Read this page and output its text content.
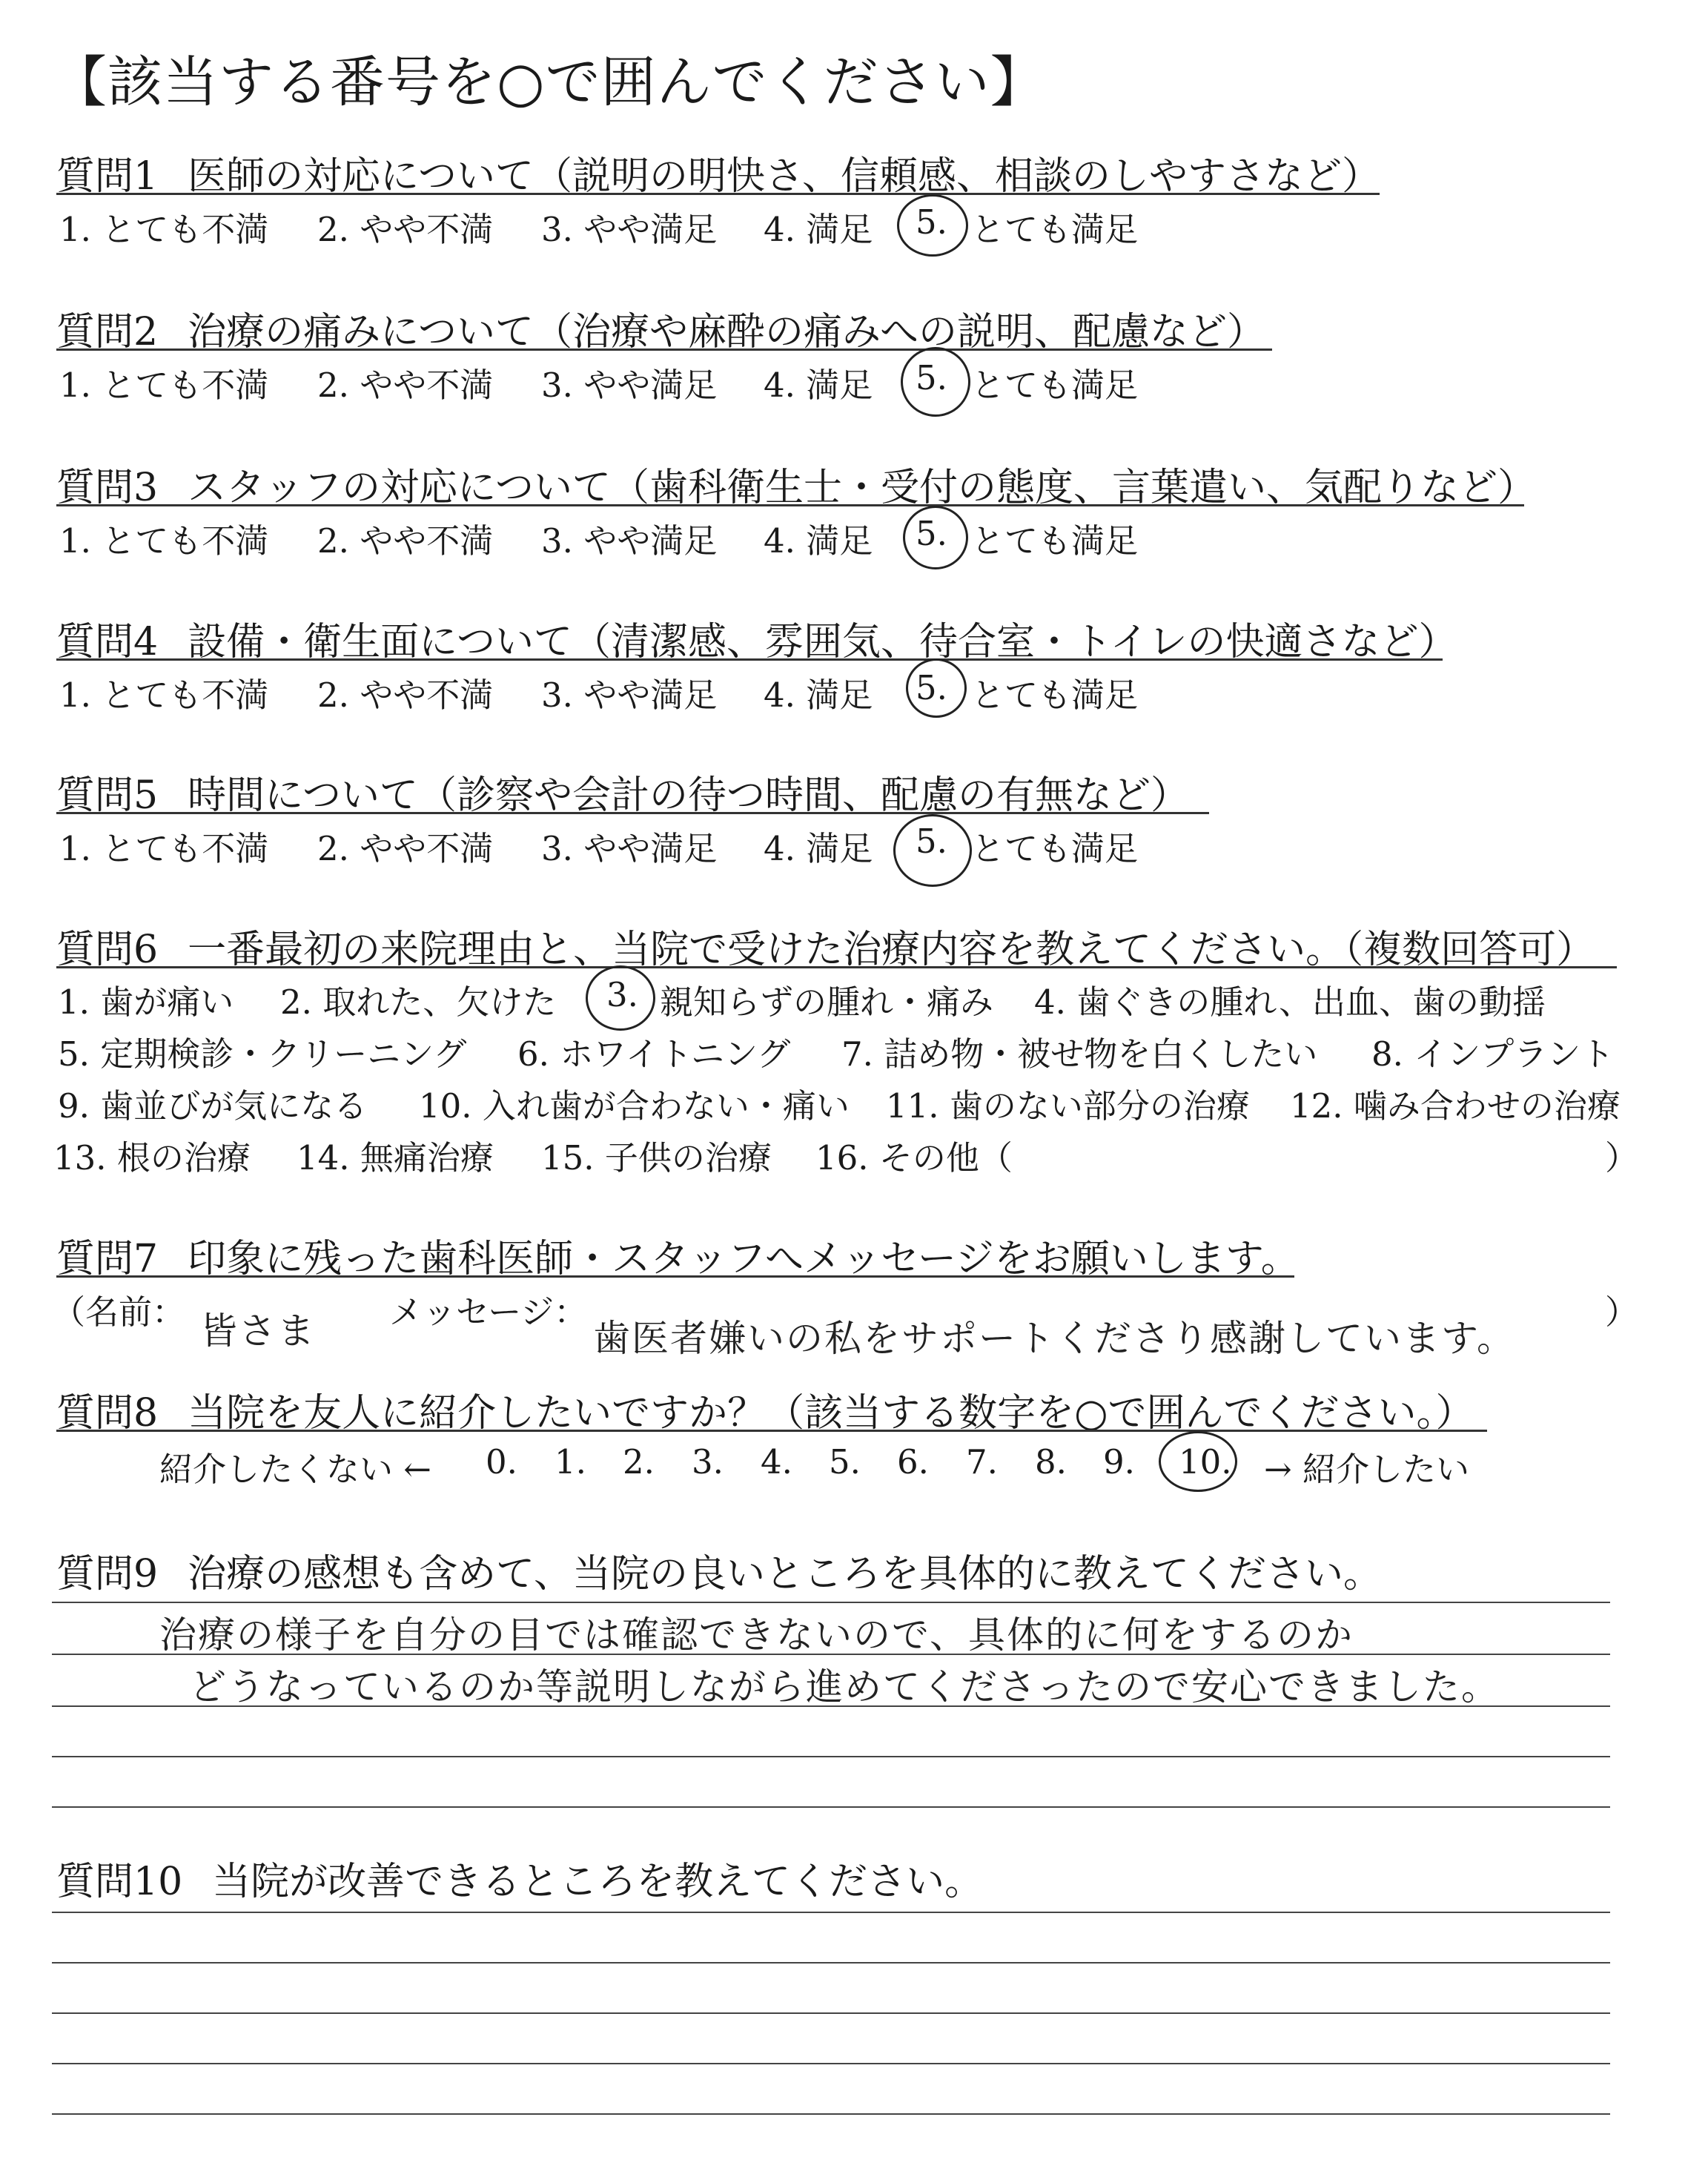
【該当する番号を○で囲んでください】
質問1 医師の対応について（説明の明快さ、信頼感、相談のしやすさなど）
1. とても不満 2. やや不満 3. やや満足 4. 満足 5. とても満足
質問2 治療の痛みについて（治療や麻酔の痛みへの説明、配慮など）
1. とても不満 2. やや不満 3. やや満足 4. 満足 5. とても満足
質問3 スタッフの対応について（歯科衛生士・受付の態度、言葉遣い、気配りなど）
1. とても不満 2. やや不満 3. やや満足 4. 満足 5. とても満足
質問4 設備・衛生面について（清潔感、雰囲気、待合室・トイレの快適さなど）
1. とても不満 2. やや不満 3. やや満足 4. 満足 5. とても満足
質問5 時間について（診察や会計の待つ時間、配慮の有無など）
1. とても不満 2. やや不満 3. やや満足 4. 満足 5. とても満足
質問6 一番最初の来院理由と、当院で受けた治療内容を教えてください。（複数回答可）
1. 歯が痛い 2. 取れた、欠けた 3. 親知らずの腫れ・痛み 4. 歯ぐきの腫れ、出血、歯の動揺
5. 定期検診・クリーニング 6. ホワイトニング 7. 詰め物・被せ物を白くしたい 8. インプラント
9. 歯並びが気になる 10. 入れ歯が合わない・痛い 11. 歯のない部分の治療 12. 噛み合わせの治療
13. 根の治療 14. 無痛治療 15. 子供の治療 16. その他（	）
質問7 印象に残った歯科医師・スタッフへメッセージをお願いします。
（名前： 皆さま メッセージ：
歯医者嫌いの私をサポートくださり感謝しています。
）
質問8 当院を友人に紹介したいですか？（該当する数字を○で囲んでください。）
紹介したくない ← 0. 1. 2. 3. 4. 5. 6. 7. 8. 9. 10. → 紹介したい
質問9 治療の感想も含めて、当院の良いところを具体的に教えてください。
治療の様子を自分の目では確認できないので、具体的に何をするのか
どうなっているのか等説明しながら進めてくださったので安心できました。
質問10 当院が改善できるところを教えてください。
